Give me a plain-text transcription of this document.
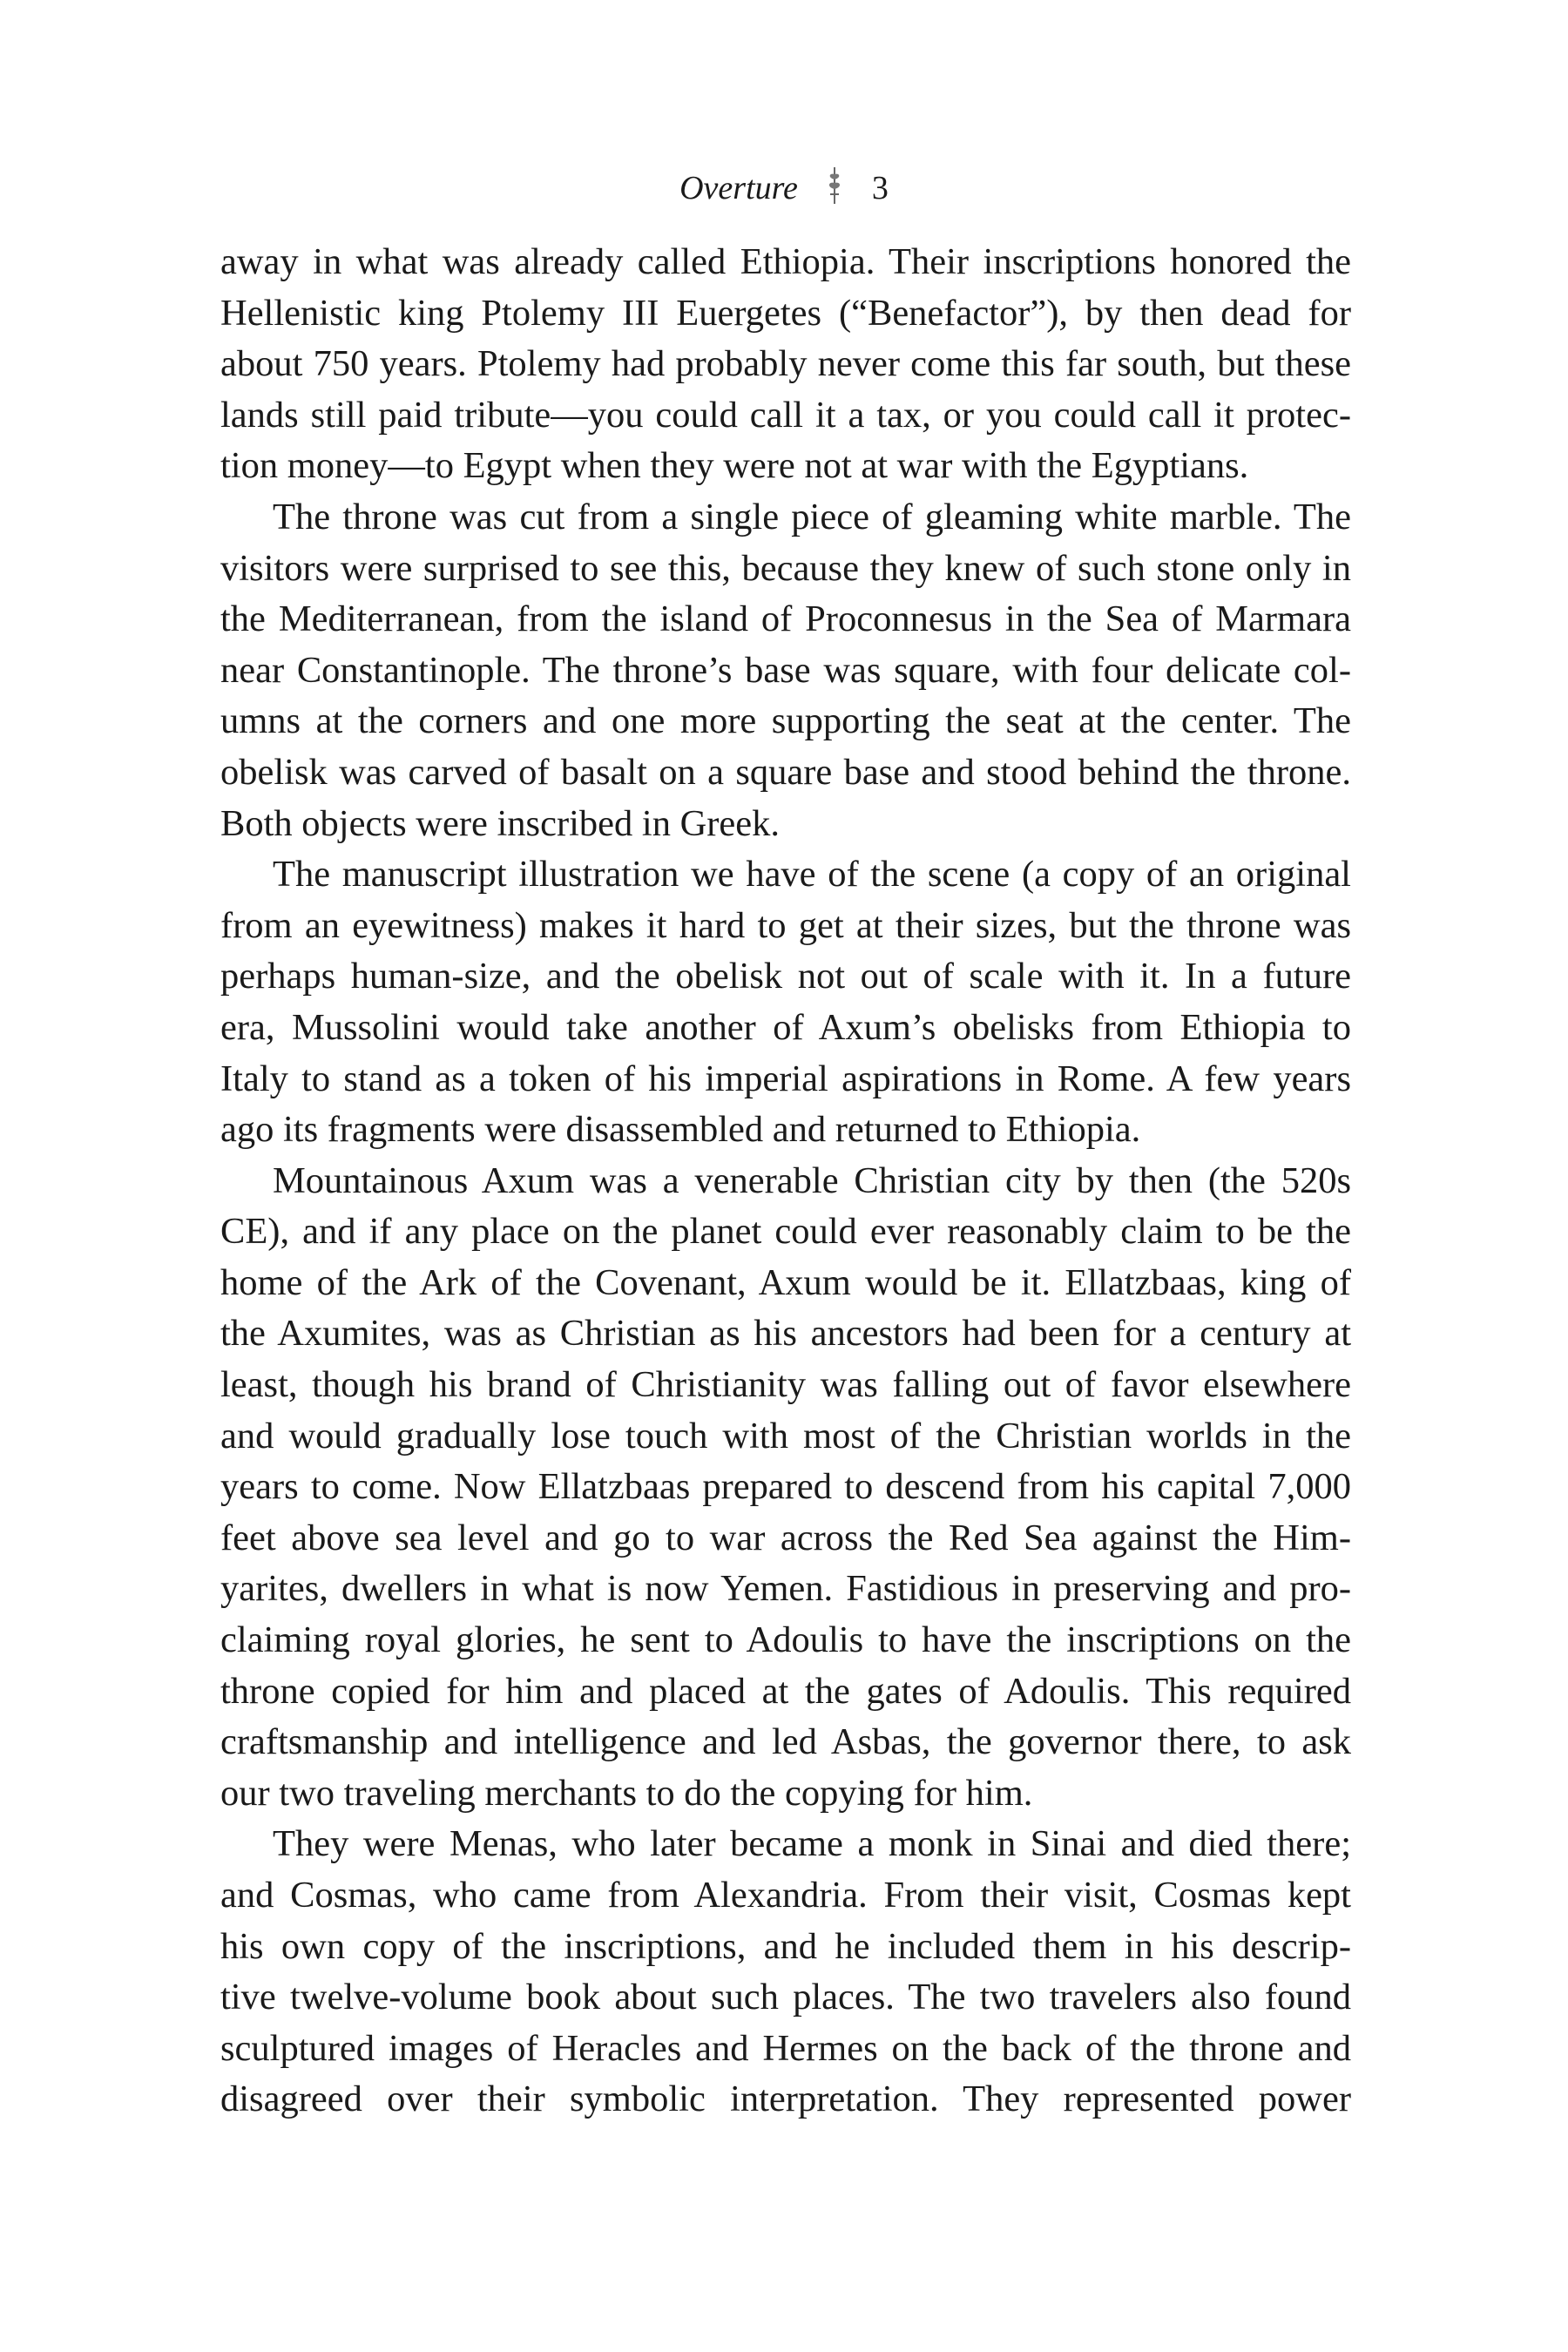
Overture 3
away in what was already called Ethiopia. Their inscriptions honored the
Hellenistic king Ptolemy III Euergetes (“Benefactor”), by then dead for
about 750 years. Ptolemy had probably never come this far south, but these
lands still paid tribute—you could call it a tax, or you could call it protec-
tion money—to Egypt when they were not at war with the Egyptians.
The throne was cut from a single piece of gleaming white marble. The
visitors were surprised to see this, because they knew of such stone only in
the Mediterranean, from the island of Proconnesus in the Sea of Marmara
near Constantinople. The throne’s base was square, with four delicate col-
umns at the corners and one more supporting the seat at the center. The
obelisk was carved of basalt on a square base and stood behind the throne.
Both objects were inscribed in Greek.
The manuscript illustration we have of the scene (a copy of an original
from an eyewitness) makes it hard to get at their sizes, but the throne was
perhaps human-size, and the obelisk not out of scale with it. In a future
era, Mussolini would take another of Axum’s obelisks from Ethiopia to
Italy to stand as a token of his imperial aspirations in Rome. A few years
ago its fragments were disassembled and returned to Ethiopia.
Mountainous Axum was a venerable Christian city by then (the 520s
CE), and if any place on the planet could ever reasonably claim to be the
home of the Ark of the Covenant, Axum would be it. Ellatzbaas, king of
the Axumites, was as Christian as his ancestors had been for a century at
least, though his brand of Christianity was falling out of favor elsewhere
and would gradually lose touch with most of the Christian worlds in the
years to come. Now Ellatzbaas prepared to descend from his capital 7,000
feet above sea level and go to war across the Red Sea against the Him-
yarites, dwellers in what is now Yemen. Fastidious in preserving and pro-
claiming royal glories, he sent to Adoulis to have the inscriptions on the
throne copied for him and placed at the gates of Adoulis. This required
craftsmanship and intelligence and led Asbas, the governor there, to ask
our two traveling merchants to do the copying for him.
They were Menas, who later became a monk in Sinai and died there;
and Cosmas, who came from Alexandria. From their visit, Cosmas kept
his own copy of the inscriptions, and he included them in his descrip-
tive twelve-volume book about such places. The two travelers also found
sculptured images of Heracles and Hermes on the back of the throne and
disagreed over their symbolic interpretation. They represented power
